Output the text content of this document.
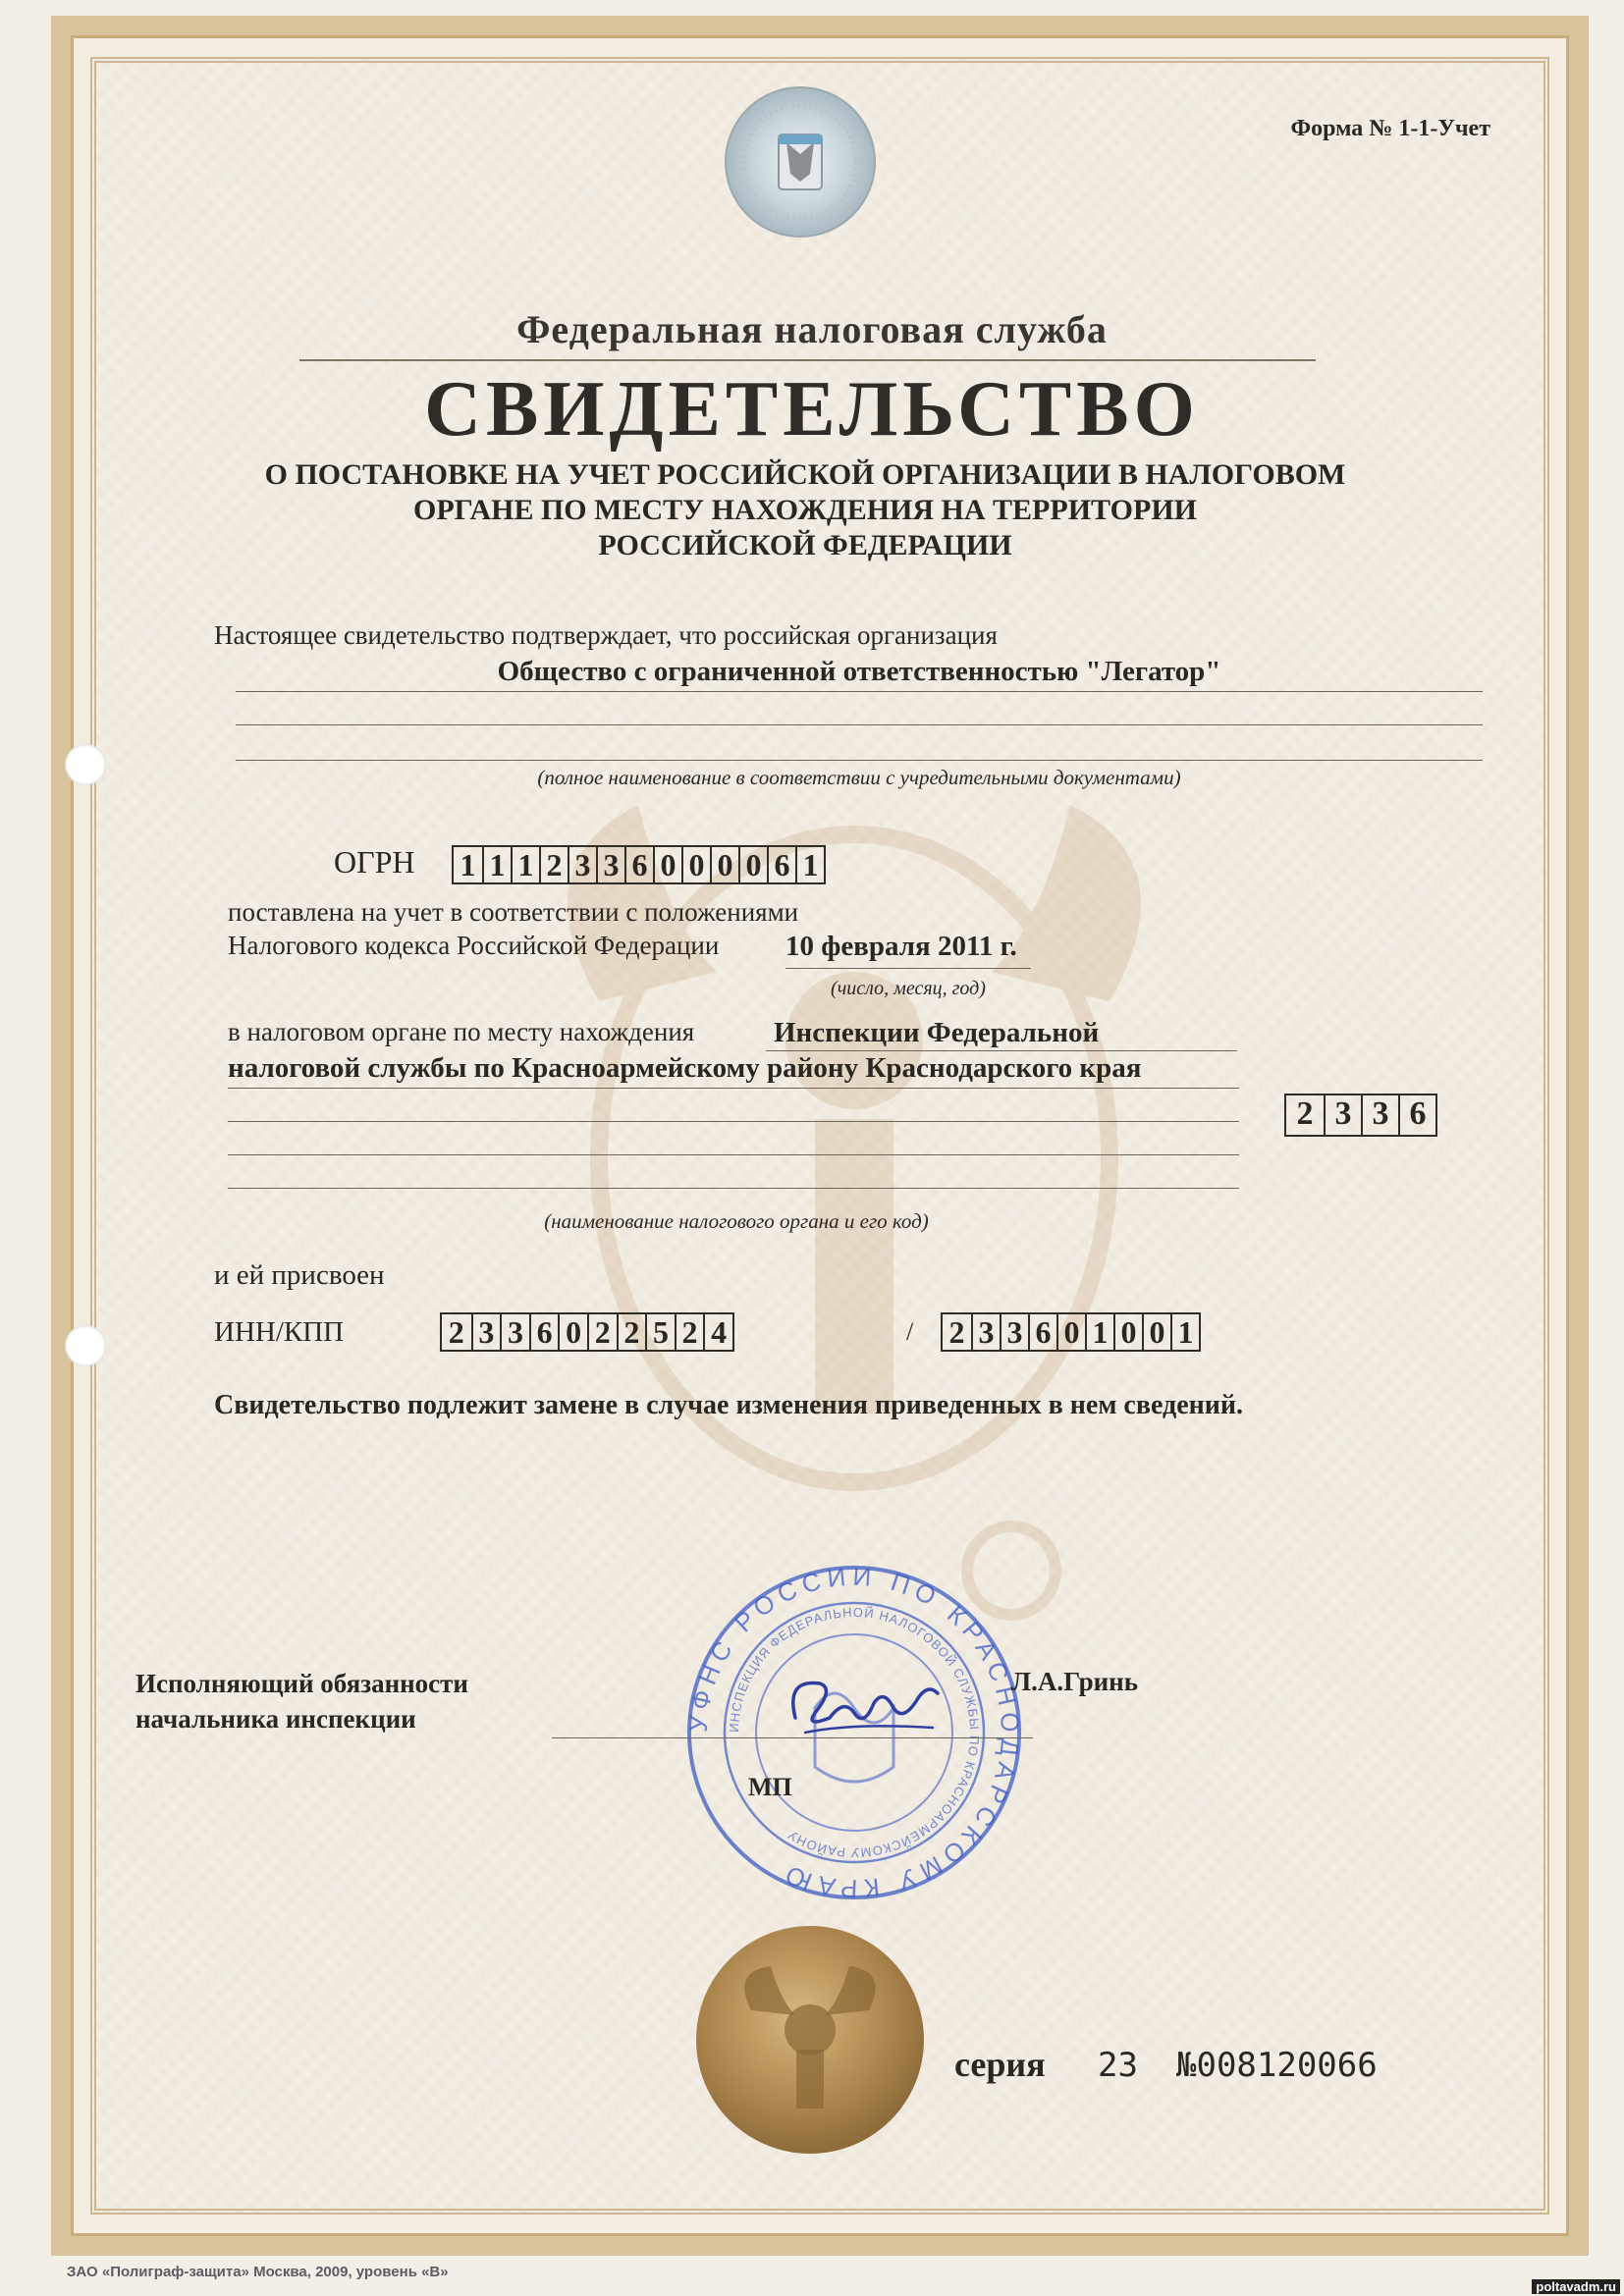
Форма № 1-1-Учет
Федеральная налоговая служба
СВИДЕТЕЛЬСТВО
О ПОСТАНОВКЕ НА УЧЕТ РОССИЙСКОЙ ОРГАНИЗАЦИИ В НАЛОГОВОМ
ОРГАНЕ ПО МЕСТУ НАХОЖДЕНИЯ НА ТЕРРИТОРИИ
РОССИЙСКОЙ ФЕДЕРАЦИИ
Настоящее свидетельство подтверждает, что российская организация
Общество с ограниченной ответственностью "Легатор"
(полное наименование в соответствии с учредительными документами)
ОГРН 1 1 1 2 3 3 6 0 0 0 0 6 1
поставлена на учет в соответствии с положениями
Налогового кодекса Российской Федерации 10 февраля 2011 г.
(число, месяц, год)
в налоговом органе по месту нахождения	Инспекции Федеральной
налоговой службы по Красноармейскому району Краснодарского края
2 3 3 6
(наименование налогового органа и его код)
и ей присвоен
ИНН/КПП	2 3 3 6 0 2 2 5 2 4	/ 2 3 3 6 0 1 0 0 1
Свидетельство подлежит замене в случае изменения приведенных в нем сведений.
УФНС РОССИИ ПО КРАСНОДАРСКОМУ КРАЮ
ИНСПЕКЦИЯ ФЕДЕРАЛЬНОЙ НАЛОГОВОЙ СЛУЖБЫ ПО КРАСНОАРМЕЙСКОМУ РАЙОНУ
Исполняющий обязанности
начальника инспекции
Л.А.Гринь
МП
серия 23 №008120066
ЗАО «Полиграф-защита» Москва, 2009, уровень «В»
poltavadm.ru
